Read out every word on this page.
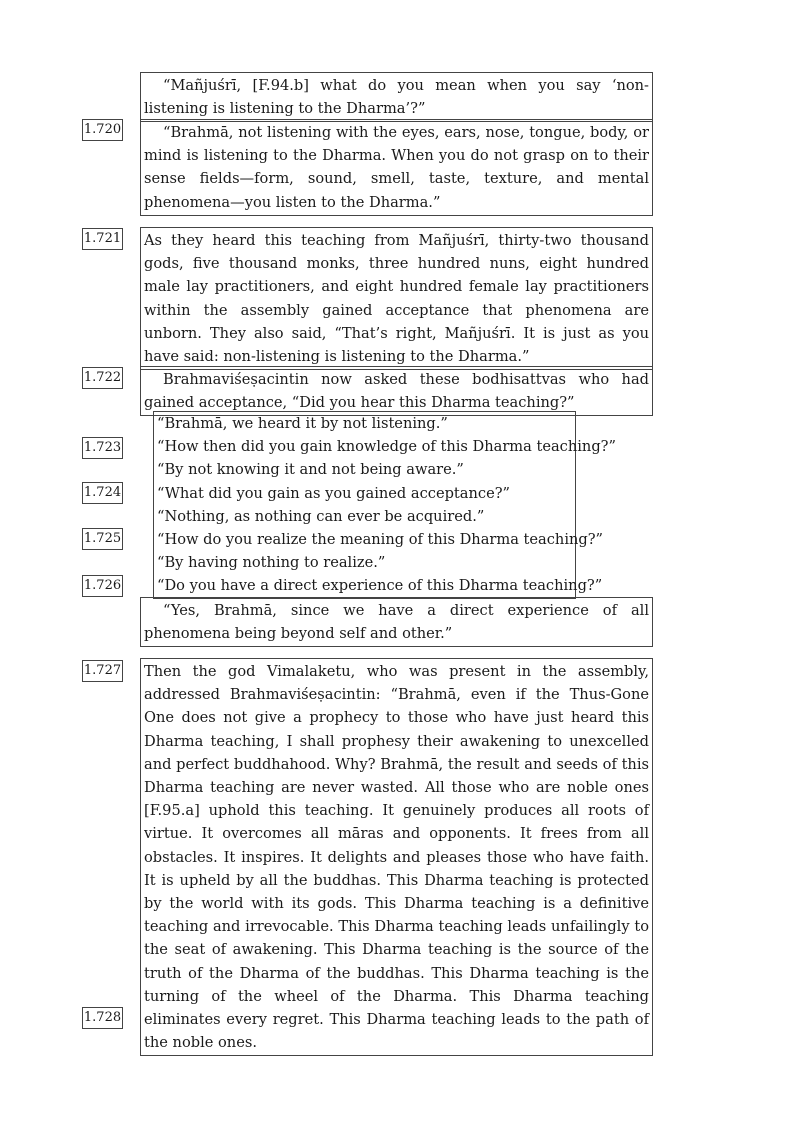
“Mañjuśrī, [F.94.b] what do you mean when you say ‘non-listening is listening to the Dharma’?”
1.720	“Brahmā, not listening with the eyes, ears, nose, tongue, body, or mind is listening to the Dharma. When you do not grasp on to their sense fields—form, sound, smell, taste, texture, and mental phenomena—you listen to the Dharma.”
1.721 As they heard this teaching from Mañjuśrī, thirty-two thousand gods, five thousand monks, three hundred nuns, eight hundred male lay practitioners, and eight hundred female lay practitioners within the assembly gained acceptance that phenomena are unborn. They also said, “That’s right, Mañjuśrī. It is just as you have said: non-listening is listening to the Dharma.”
1.722	Brahmaviśeṣacintin now asked these bodhisattvas who had gained acceptance, “Did you hear this Dharma teaching?”
“Brahmā, we heard it by not listening.”
“How then did you gain knowledge of this Dharma teaching?”
“By not knowing it and not being aware.”
“What did you gain as you gained acceptance?”
“Nothing, as nothing can ever be acquired.”
“How do you realize the meaning of this Dharma teaching?”
“By having nothing to realize.”
“Do you have a direct experience of this Dharma teaching?”
1.723
1.724
1.725
1.726
“Yes, Brahmā, since we have a direct experience of all phenomena being beyond self and other.”
1.727 Then the god Vimalaketu, who was present in the assembly, addressed Brahmaviśeṣacintin: “Brahmā, even if the Thus-Gone One does not give a prophecy to those who have just heard this Dharma teaching, I shall prophesy their awakening to unexcelled and perfect buddhahood. Why? Brahmā, the result and seeds of this Dharma teaching are never wasted. All those who are noble ones [F.95.a] uphold this teaching. It genuinely produces all roots of virtue. It overcomes all māras and opponents. It frees from all obstacles. It inspires. It delights and pleases those who have faith. It is upheld by all the buddhas. This Dharma teaching is protected by the world with its gods. This Dharma teaching is a definitive teaching and irrevocable. This Dharma teaching leads unfailingly to the seat of awakening. This Dharma teaching is the source of the truth of the Dharma of the buddhas. This Dharma teaching is the turning of the wheel of the Dharma. This Dharma teaching eliminates every regret. This Dharma teaching leads to the path of the noble ones.
1.728
